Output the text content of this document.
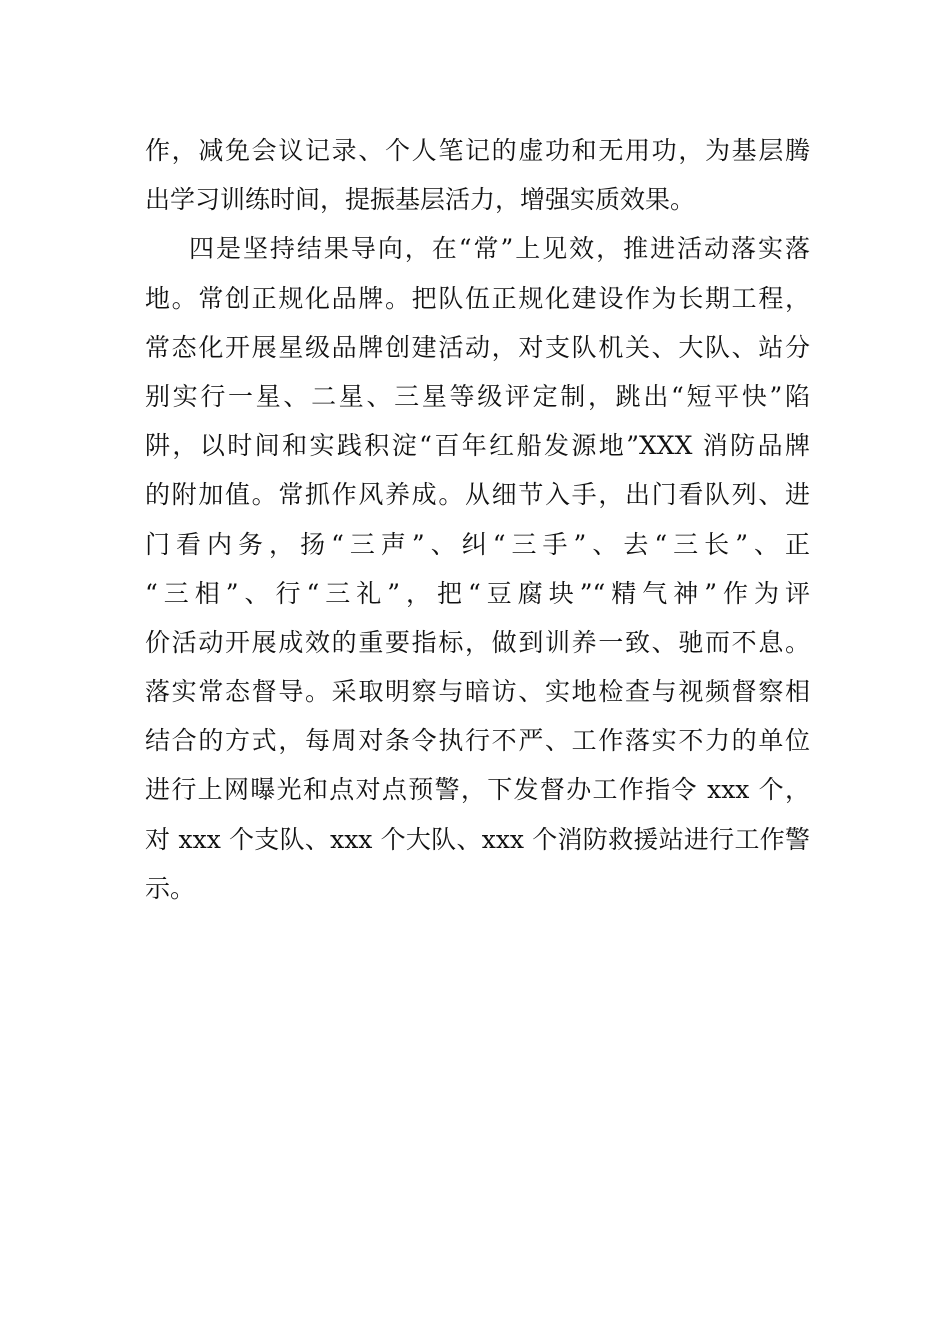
作，减免会议记录、个人笔记的虚功和无用功，为基层腾
出学习训练时间，提振基层活力，增强实质效果。
四是坚持结果导向，在“常”上见效，推进活动落实落
地。常创正规化品牌。把队伍正规化建设作为长期工程，
常态化开展星级品牌创建活动，对支队机关、大队、站分
别实行一星、二星、三星等级评定制，跳出“短平快”陷
阱，以时间和实践积淀“百年红船发源地”XXX 消防品牌
的附加值。常抓作风养成。从细节入手，出门看队列、进
门看内务，扬“三声”、纠“三手”、去“三长”、正
“三相”、行“三礼”，把“豆腐块”“精气神”作为评
价活动开展成效的重要指标，做到训养一致、驰而不息。
落实常态督导。采取明察与暗访、实地检查与视频督察相
结合的方式，每周对条令执行不严、工作落实不力的单位
进行上网曝光和点对点预警，下发督办工作指令 xxx 个，
对 xxx 个支队、xxx 个大队、xxx 个消防救援站进行工作警
示。
